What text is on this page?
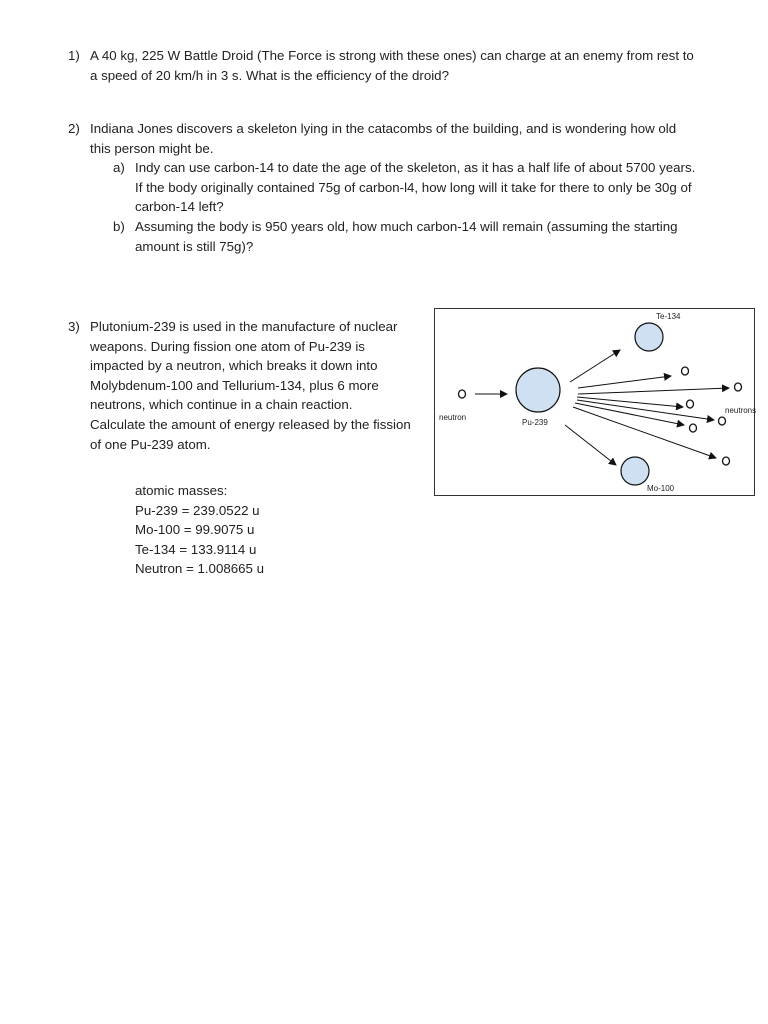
1) A 40 kg, 225 W Battle Droid (The Force is strong with these ones) can charge at an enemy from rest to
a speed of 20 km/h in 3 s. What is the efficiency of the droid?
2) Indiana Jones discovers a skeleton lying in the catacombs of the building, and is wondering how old
this person might be.
a) Indy can use carbon-14 to date the age of the skeleton, as it has a half life of about 5700 years.
If the body originally contained 75g of carbon-l4, how long will it take for there to only be 30g of
carbon-14 left?
b) Assuming the body is 950 years old, how much carbon-14 will remain (assuming the starting
amount is still 75g)?
3) Plutonium-239 is used in the manufacture of nuclear
weapons. During fission one atom of Pu-239 is
impacted by a neutron, which breaks it down into
Molybdenum-100 and Tellurium-134, plus 6 more
neutrons, which continue in a chain reaction.
Calculate the amount of energy released by the fission
of one Pu-239 atom.
atomic masses:
Pu-239 = 239.0522 u
Mo-100 = 99.9075 u
Te-134 = 133.9114 u
Neutron = 1.008665 u
neutron
Pu-239
Te-134
Mo-100
neutrons
